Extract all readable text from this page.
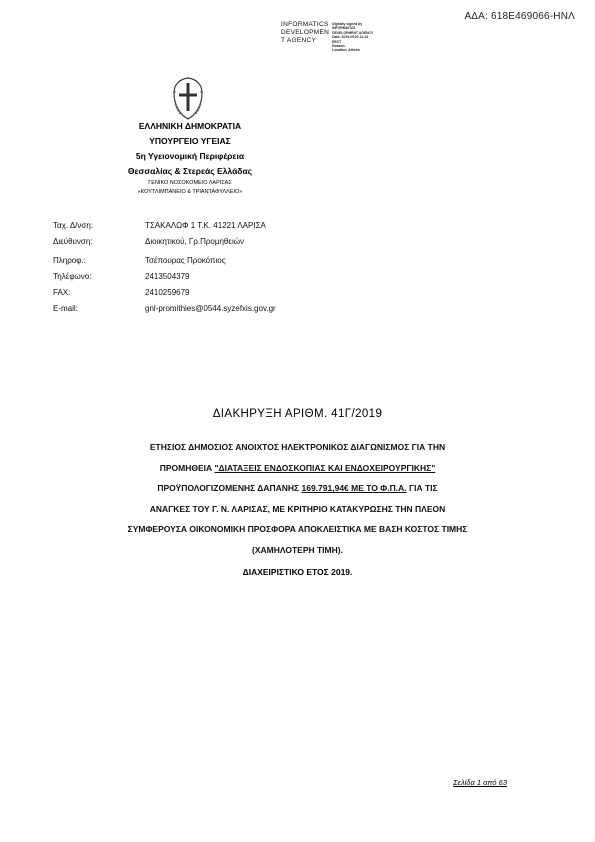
ΑΔΑ: 618Ε469066-ΗΝΛ
INFORMATICS
DEVELOPMEN
T AGENCY
Digitally signed by
INFORMATICS
DEVELOPMENT AGENCY
Date: 2019.05.22 11:14
EEST
Reason:
Location: Athens
ΕΛΛΗΝΙΚΗ ΔΗΜΟΚΡΑΤΙΑ
ΥΠΟΥΡΓΕΙΟ ΥΓΕΙΑΣ
5η Υγειονομική Περιφέρεια
Θεσσαλίας & Στερεάς Ελλάδας
ΓΕΝΙΚΟ ΝΟΣΟΚΟΜΕΙΟ ΛΑΡΙΣΑΣ
«ΚΟΥΤΛΙΜΠΑΝΕΙΟ & ΤΡΙΑΝΤΑΦΥΛΛΕΙΟ»
Ταχ. Δ/νση:	ΤΣΑΚΑΛΩΦ 1 Τ.Κ. 41221 ΛΑΡΙΣΑ
Διεύθυνση:	Διοικητικού, Γρ.Προμηθειών
Πληροφ.:	Τσέπουρας Προκόπιος
Τηλέφωνο:	2413504379
FAX:	2410259679
E-mail:	gnl-promithies@0544.syzefxis.gov.gr
ΔΙΑΚΗΡΥΞΗ ΑΡΙΘΜ. 41Γ/2019
ΕΤΗΣΙΟΣ ΔΗΜΟΣΙΟΣ ΑΝΟΙΧΤΟΣ ΗΛΕΚΤΡΟΝΙΚΟΣ ΔΙΑΓΩΝΙΣΜΟΣ ΓΙΑ ΤΗΝ
ΠΡΟΜΗΘΕΙΑ "ΔΙΑΤΑΞΕΙΣ ΕΝΔΟΣΚΟΠΙΑΣ ΚΑΙ ΕΝΔΟΧΕΙΡΟΥΡΓΙΚΗΣ"
ΠΡΟΫΠΟΛΟΓΙΖΟΜΕΝΗΣ ΔΑΠΑΝΗΣ 169.791,94€ ΜΕ ΤΟ Φ.Π.Α. ΓΙΑ ΤΙΣ
ΑΝΑΓΚΕΣ ΤΟΥ Γ. Ν. ΛΑΡΙΣΑΣ, ΜΕ ΚΡΙΤΗΡΙΟ ΚΑΤΑΚΥΡΩΣΗΣ ΤΗΝ ΠΛΕΟΝ
ΣΥΜΦΕΡΟΥΣΑ ΟΙΚΟΝΟΜΙΚΗ ΠΡΟΣΦΟΡΑ ΑΠΟΚΛΕΙΣΤΙΚΑ ΜΕ ΒΑΣΗ ΚΟΣΤΟΣ ΤΙΜΗΣ
(ΧΑΜΗΛΟΤΕΡΗ ΤΙΜΗ).
ΔΙΑΧΕΙΡΙΣΤΙΚΟ ΕΤΟΣ 2019.
Σελίδα 1 από 63
